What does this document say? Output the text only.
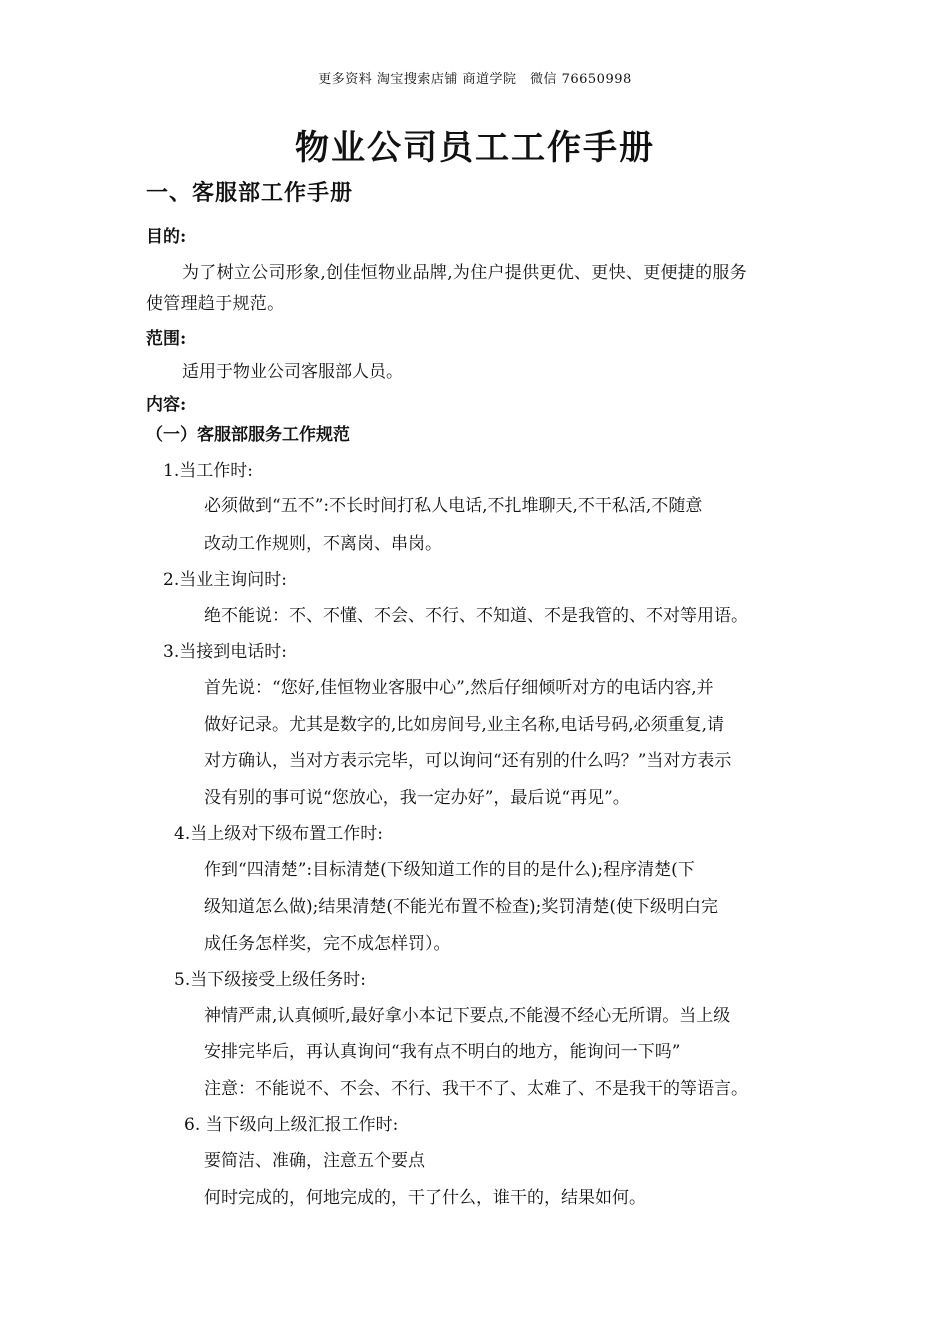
更多资料 淘宝搜索店铺 商道学院　微信 76650998
物业公司员工工作手册
一、客服部工作手册
目的:
为了树立公司形象,创佳恒物业品牌,为住户提供更优、更快、更便捷的服务
使管理趋于规范。
范围:
适用于物业公司客服部人员。
内容:
（一）客服部服务工作规范
1.当工作时:
必须做到“五不”:不长时间打私人电话,不扎堆聊天,不干私活,不随意
改动工作规则，不离岗、串岗。
2.当业主询问时:
绝不能说：不、不懂、不会、不行、不知道、不是我管的、不对等用语。
3.当接到电话时:
首先说：“您好,佳恒物业客服中心”,然后仔细倾听对方的电话内容,并
做好记录。尤其是数字的,比如房间号,业主名称,电话号码,必须重复,请
对方确认，当对方表示完毕，可以询问“还有别的什么吗？”当对方表示
没有别的事可说“您放心，我一定办好”，最后说“再见”。
4.当上级对下级布置工作时:
作到“四清楚”:目标清楚(下级知道工作的目的是什么);程序清楚(下
级知道怎么做);结果清楚(不能光布置不检查);奖罚清楚(使下级明白完
成任务怎样奖，完不成怎样罚）。
5.当下级接受上级任务时:
神情严肃,认真倾听,最好拿小本记下要点,不能漫不经心无所谓。当上级
安排完毕后，再认真询问“我有点不明白的地方，能询问一下吗”
注意：不能说不、不会、不行、我干不了、太难了、不是我干的等语言。
6. 当下级向上级汇报工作时:
要简洁、准确，注意五个要点
何时完成的，何地完成的，干了什么，谁干的，结果如何。
